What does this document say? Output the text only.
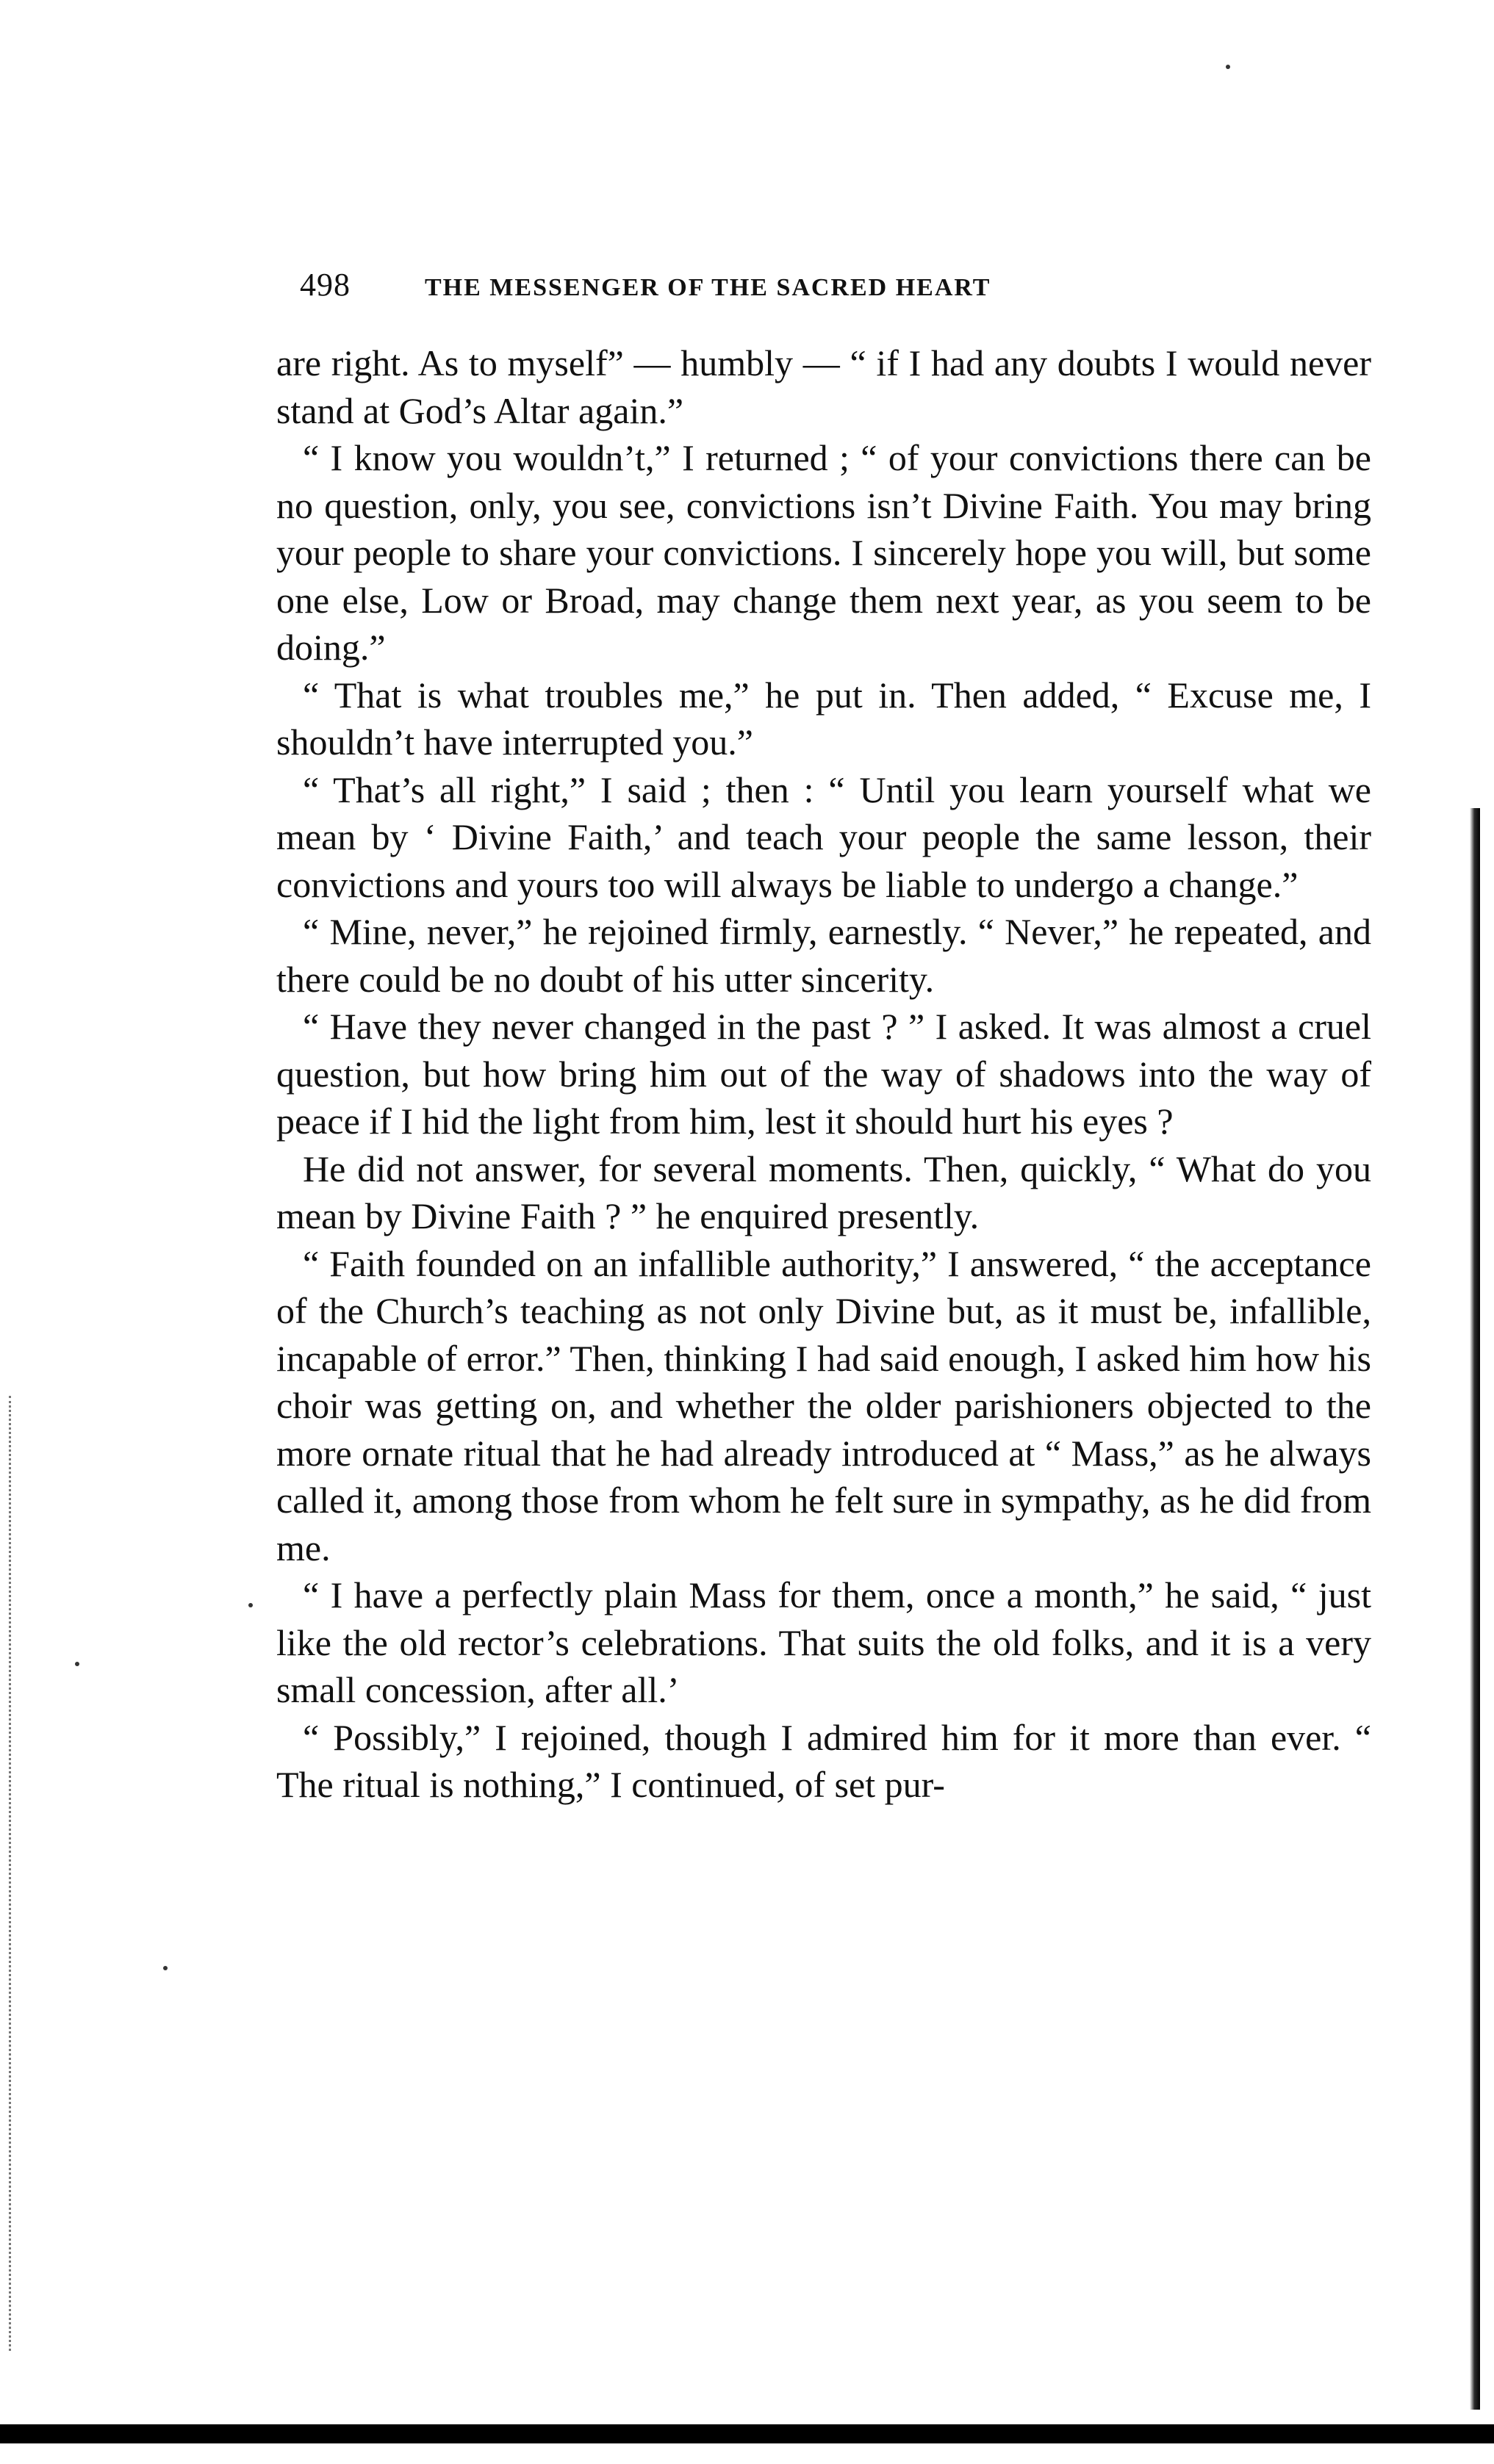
498	THE MESSENGER OF THE SACRED HEART

are right. As to myself” — humbly — “ if I had any doubts I would never stand at God’s Altar again.”

“ I know you wouldn’t,” I returned ; “ of your convictions there can be no question, only, you see, convictions isn’t Divine Faith. You may bring your people to share your convictions. I sincerely hope you will, but some one else, Low or Broad, may change them next year, as you seem to be doing.”

“ That is what troubles me,” he put in. Then added, “ Excuse me, I shouldn’t have interrupted you.”

“ That’s all right,” I said ; then : “ Until you learn yourself what we mean by ‘ Divine Faith,’ and teach your people the same lesson, their convictions and yours too will always be liable to undergo a change.”

“ Mine, never,” he rejoined firmly, earnestly. “ Never,” he repeated, and there could be no doubt of his utter sincerity.

“ Have they never changed in the past ? ” I asked. It was almost a cruel question, but how bring him out of the way of shadows into the way of peace if I hid the light from him, lest it should hurt his eyes ?

He did not answer, for several moments. Then, quickly, “ What do you mean by Divine Faith ? ” he enquired presently.

“ Faith founded on an infallible authority,” I answered, “ the acceptance of the Church’s teaching as not only Divine but, as it must be, infallible, incapable of error.” Then, thinking I had said enough, I asked him how his choir was getting on, and whether the older parishioners objected to the more ornate ritual that he had already introduced at “ Mass,” as he always called it, among those from whom he felt sure in sympathy, as he did from me.

“ I have a perfectly plain Mass for them, once a month,” he said, “ just like the old rector’s celebrations. That suits the old folks, and it is a very small concession, after all.’

“ Possibly,” I rejoined, though I admired him for it more than ever. “ The ritual is nothing,” I continued, of set pur-
